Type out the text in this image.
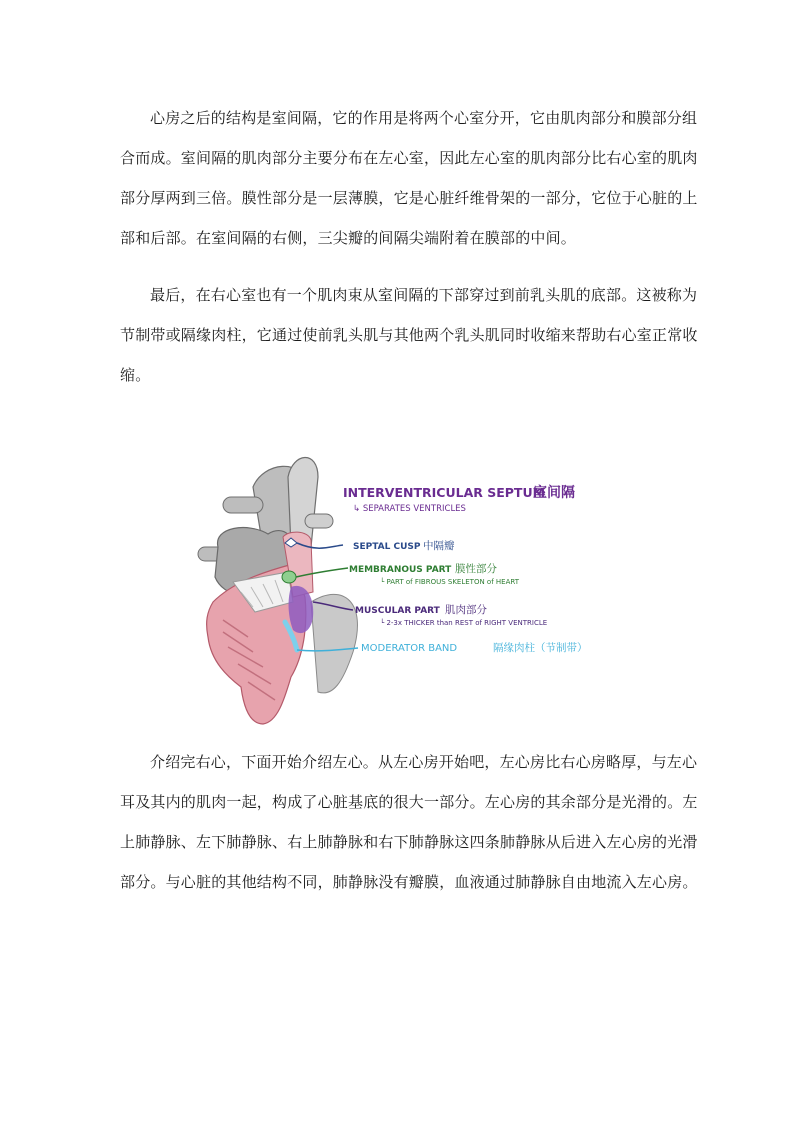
心房之后的结构是室间隔，它的作用是将两个心室分开，它由肌肉部分和膜部分组
合而成。室间隔的肌肉部分主要分布在左心室，因此左心室的肌肉部分比右心室的肌肉
部分厚两到三倍。膜性部分是一层薄膜，它是心脏纤维骨架的一部分，它位于心脏的上
部和后部。在室间隔的右侧，三尖瓣的间隔尖端附着在膜部的中间。

最后，在右心室也有一个肌肉束从室间隔的下部穿过到前乳头肌的底部。这被称为
节制带或隔缘肉柱，它通过使前乳头肌与其他两个乳头肌同时收缩来帮助右心室正常收
缩。

INTERVENTRICULAR SEPTUM
室间隔
↳ SEPARATES VENTRICLES
SEPTAL CUSP 中隔瓣
MEMBRANOUS PART 膜性部分
└ PART of FIBROUS SKELETON of HEART
MUSCULAR PART 肌肉部分
└ 2-3x THICKER than REST of RIGHT VENTRICLE
MODERATOR BAND	隔缘肉柱（节制带）

介绍完右心，下面开始介绍左心。从左心房开始吧，左心房比右心房略厚，与左心
耳及其内的肌肉一起，构成了心脏基底的很大一部分。左心房的其余部分是光滑的。左
上肺静脉、左下肺静脉、右上肺静脉和右下肺静脉这四条肺静脉从后进入左心房的光滑
部分。与心脏的其他结构不同，肺静脉没有瓣膜，血液通过肺静脉自由地流入左心房。
